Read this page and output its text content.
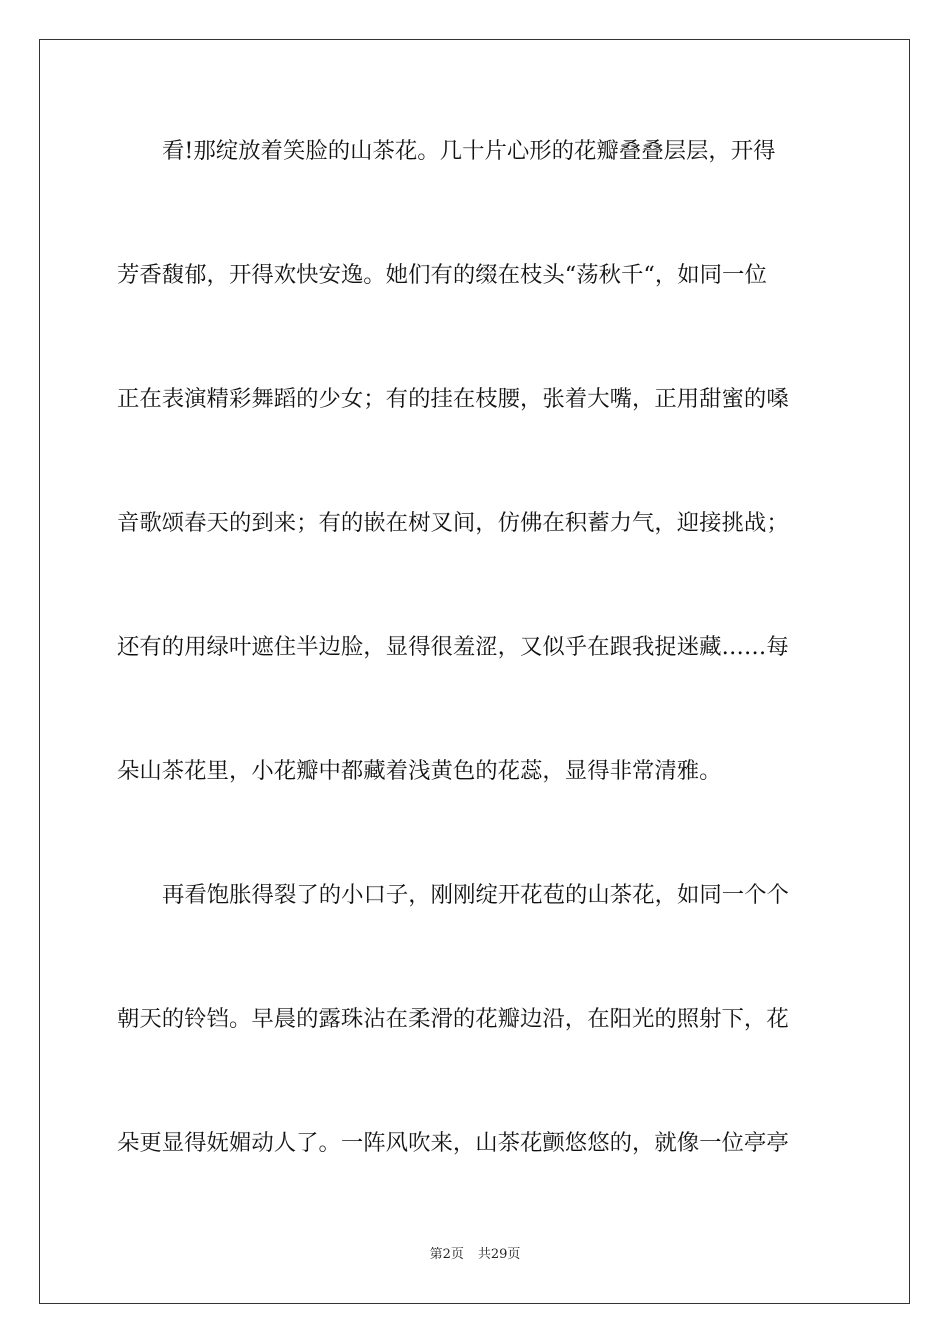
看!那绽放着笑脸的山茶花。几十片心形的花瓣叠叠层层，开得
芳香馥郁，开得欢快安逸。她们有的缀在枝头“荡秋千“，如同一位
正在表演精彩舞蹈的少女；有的挂在枝腰，张着大嘴，正用甜蜜的嗓
音歌颂春天的到来；有的嵌在树叉间，仿佛在积蓄力气，迎接挑战；
还有的用绿叶遮住半边脸，显得很羞涩，又似乎在跟我捉迷藏……每
朵山茶花里，小花瓣中都藏着浅黄色的花蕊，显得非常清雅。
再看饱胀得裂了的小口子，刚刚绽开花苞的山茶花，如同一个个
朝天的铃铛。早晨的露珠沾在柔滑的花瓣边沿，在阳光的照射下，花
朵更显得妩媚动人了。一阵风吹来，山茶花颤悠悠的，就像一位亭亭
第2页 共29页
